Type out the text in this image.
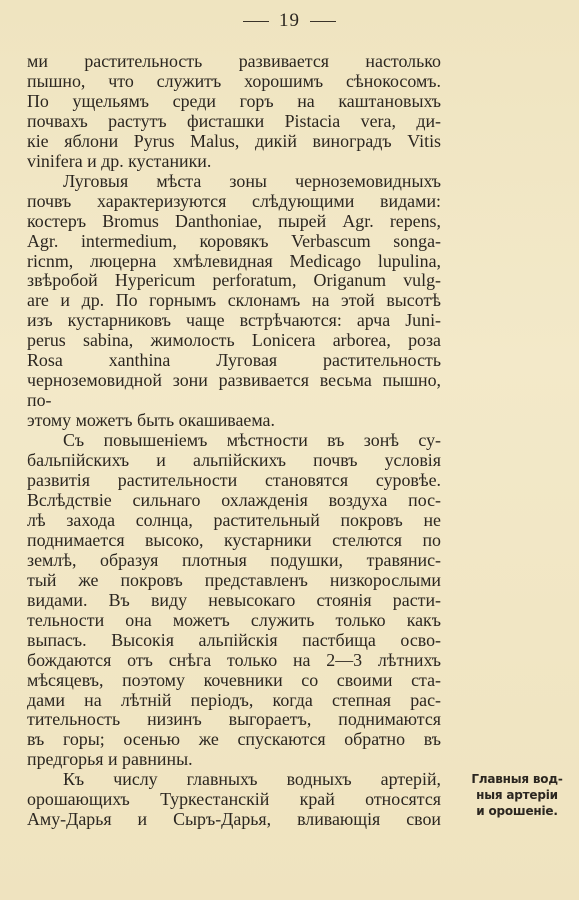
19

ми растительность развивается настолько
пышно, что служитъ хорошимъ сѣнокосомъ.
По ущельямъ среди горъ на каштановыхъ
почвахъ растутъ фисташки Pistacia vera, ди-
кіе яблони Pyrus Malus, дикій виноградъ Vitis
vinifera и др. кустаники.

Луговыя мѣста зоны черноземовидныхъ
почвъ характеризуются слѣдующими видами:
костеръ Bromus Danthoniae, пырей Agr. repens,
Agr. intermedium, коровякъ Verbascum songa-
ricnm, люцерна хмѣлевидная Medicago lupulina,
звѣробой Hypericum perforatum, Origanum vulg-
are и др. По горнымъ склонамъ на этой высотѣ
изъ кустарниковъ чаще встрѣчаются: арча Juni-
perus sabina, жимолость Lonicera arborea, роза
Rosa xanthina Луговая растительность черноземовидной зони развивается весьма пышно, по-
этому можетъ быть окашиваема.

Съ повышеніемъ мѣстности въ зонѣ су-
бальпійскихъ и альпійскихъ почвъ условія
развитія растительности становятся суровѣе.
Вслѣдствіе сильнаго охлажденія воздуха пос-
лѣ захода солнца, растительный покровъ не
поднимается высоко, кустарники стелются по
землѣ, образуя плотныя подушки, травянис-
тый же покровъ представленъ низкорослыми
видами. Въ виду невысокаго стоянія расти-
тельности она можетъ служить только какъ
выпасъ. Высокія альпійскія пастбища осво-
бождаются отъ снѣга только на 2—3 лѣтнихъ
мѣсяцевъ, поэтому кочевники со своими ста-
дами на лѣтній періодъ, когда степная рас-
тительность низинъ выгораетъ, поднимаются
въ горы; осенью же спускаются обратно въ
предгорья и равнины.

Къ числу главныхъ водныхъ артерій,
орошающихъ Туркестанскій край относятся
Аму-Дарья и Сыръ-Дарья, вливающія свои

Главныя вод-
ныя артеріи
и орошеніе.
